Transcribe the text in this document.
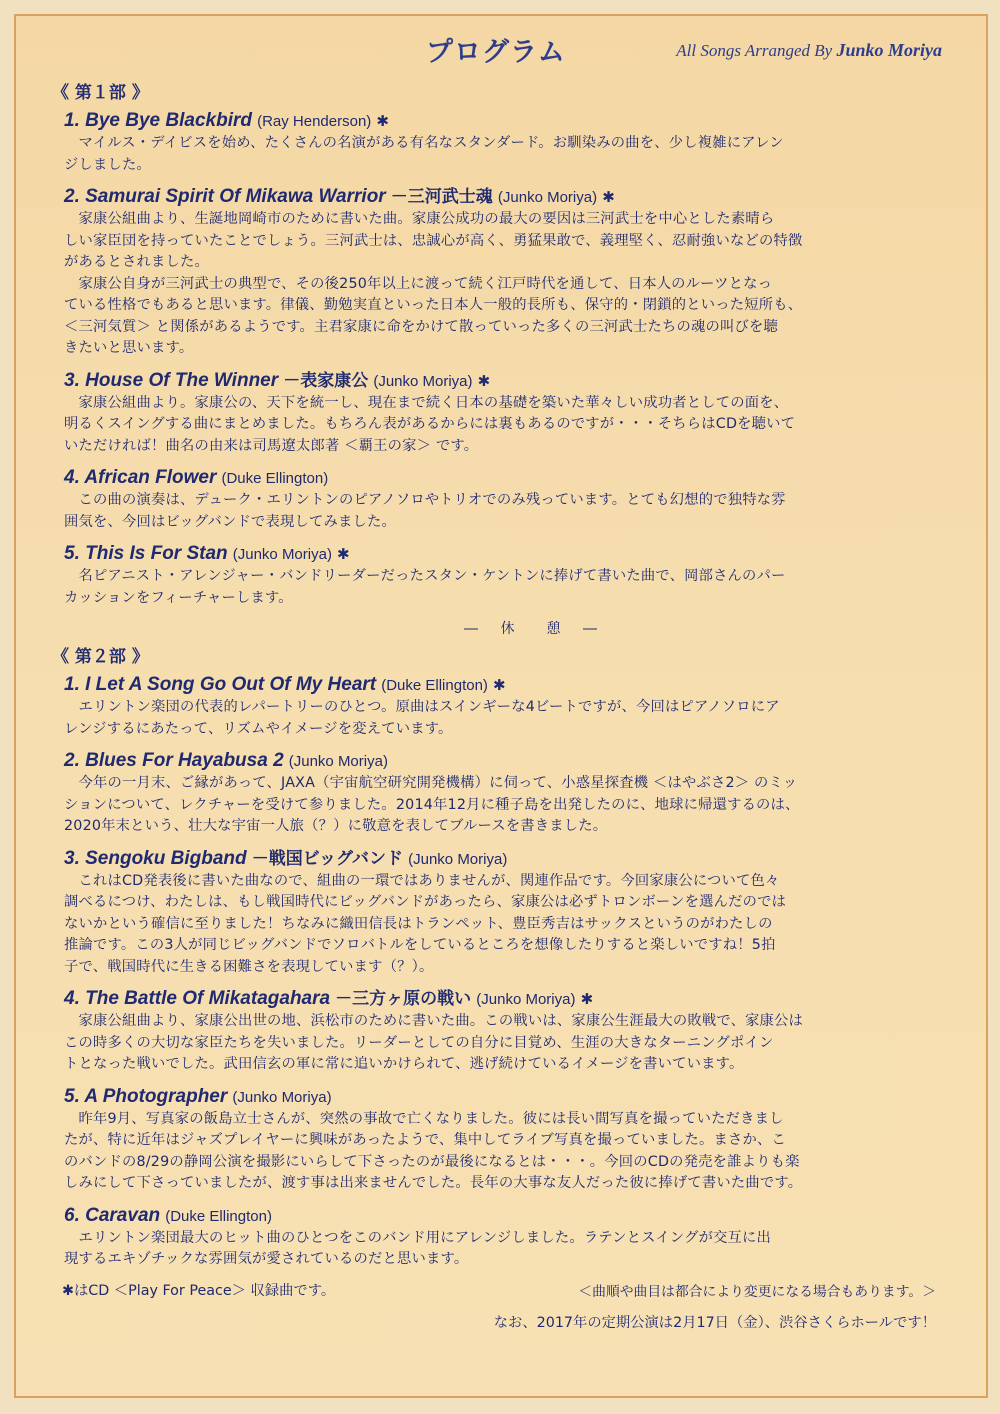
プログラム	All Songs Arranged By Junko Moriya
《 第１部 》
1. Bye Bye Blackbird (Ray Henderson) ✱

　マイルス・デイビスを始め、たくさんの名演がある有名なスタンダード。お馴染みの曲を、少し複雑にアレン
ジしました。

2. Samurai Spirit Of Mikawa Warrior －三河武士魂 (Junko Moriya) ✱

　家康公組曲より、生誕地岡崎市のために書いた曲。家康公成功の最大の要因は三河武士を中心とした素晴ら
しい家臣団を持っていたことでしょう。三河武士は、忠誠心が高く、勇猛果敢で、義理堅く、忍耐強いなどの特徴
があるとされました。
　家康公自身が三河武士の典型で、その後250年以上に渡って続く江戸時代を通して、日本人のルーツとなっ
ている性格でもあると思います。律儀、勤勉実直といった日本人一般的長所も、保守的・閉鎖的といった短所も、
＜三河気質＞ と関係があるようです。主君家康に命をかけて散っていった多くの三河武士たちの魂の叫びを聴
きたいと思います。

3. House Of The Winner －表家康公 (Junko Moriya) ✱

　家康公組曲より。家康公の、天下を統一し、現在まで続く日本の基礎を築いた華々しい成功者としての面を、
明るくスイングする曲にまとめました。もちろん表があるからには裏もあるのですが・・・そちらはCDを聴いて
いただければ！曲名の由来は司馬遼太郎著 ＜覇王の家＞ です。

4. African Flower (Duke Ellington)

　この曲の演奏は、デューク・エリントンのピアノソロやトリオでのみ残っています。とても幻想的で独特な雰
囲気を、今回はビッグバンドで表現してみました。

5. This Is For Stan (Junko Moriya) ✱

　名ピアニスト・アレンジャー・バンドリーダーだったスタン・ケントンに捧げて書いた曲で、岡部さんのパー
カッションをフィーチャーします。

― 休　憩 ―
《 第２部 》
1. I Let A Song Go Out Of My Heart (Duke Ellington) ✱

　エリントン楽団の代表的レパートリーのひとつ。原曲はスインギーな4ビートですが、今回はピアノソロにア
レンジするにあたって、リズムやイメージを変えています。

2. Blues For Hayabusa 2 (Junko Moriya)

　今年の一月末、ご縁があって、JAXA（宇宙航空研究開発機構）に伺って、小惑星探査機 ＜はやぶさ2＞ のミッ
ションについて、レクチャーを受けて参りました。2014年12月に種子島を出発したのに、地球に帰還するのは、
2020年末という、壮大な宇宙一人旅（？）に敬意を表してブルースを書きました。

3. Sengoku Bigband －戦国ビッグバンド (Junko Moriya)

　これはCD発表後に書いた曲なので、組曲の一環ではありませんが、関連作品です。今回家康公について色々
調べるにつけ、わたしは、もし戦国時代にビッグバンドがあったら、家康公は必ずトロンボーンを選んだのでは
ないかという確信に至りました！ちなみに織田信長はトランペット、豊臣秀吉はサックスというのがわたしの
推論です。この3人が同じビッグバンドでソロバトルをしているところを想像したりすると楽しいですね！5拍
子で、戦国時代に生きる困難さを表現しています（？）。

4. The Battle Of Mikatagahara －三方ヶ原の戦い (Junko Moriya) ✱

　家康公組曲より、家康公出世の地、浜松市のために書いた曲。この戦いは、家康公生涯最大の敗戦で、家康公は
この時多くの大切な家臣たちを失いました。リーダーとしての自分に目覚め、生涯の大きなターニングポイン
トとなった戦いでした。武田信玄の軍に常に追いかけられて、逃げ続けているイメージを書いています。

5. A Photographer (Junko Moriya)

　昨年9月、写真家の飯島立士さんが、突然の事故で亡くなりました。彼には長い間写真を撮っていただきまし
たが、特に近年はジャズプレイヤーに興味があったようで、集中してライブ写真を撮っていました。まさか、こ
のバンドの8/29の静岡公演を撮影にいらして下さったのが最後になるとは・・・。今回のCDの発売を誰よりも楽
しみにして下さっていましたが、渡す事は出来ませんでした。長年の大事な友人だった彼に捧げて書いた曲です。

6. Caravan (Duke Ellington)

　エリントン楽団最大のヒット曲のひとつをこのバンド用にアレンジしました。ラテンとスイングが交互に出
現するエキゾチックな雰囲気が愛されているのだと思います。

✱はCD ＜Play For Peace＞ 収録曲です。	＜曲順や曲目は都合により変更になる場合もあります。＞
なお、2017年の定期公演は2月17日（金）、渋谷さくらホールです！
